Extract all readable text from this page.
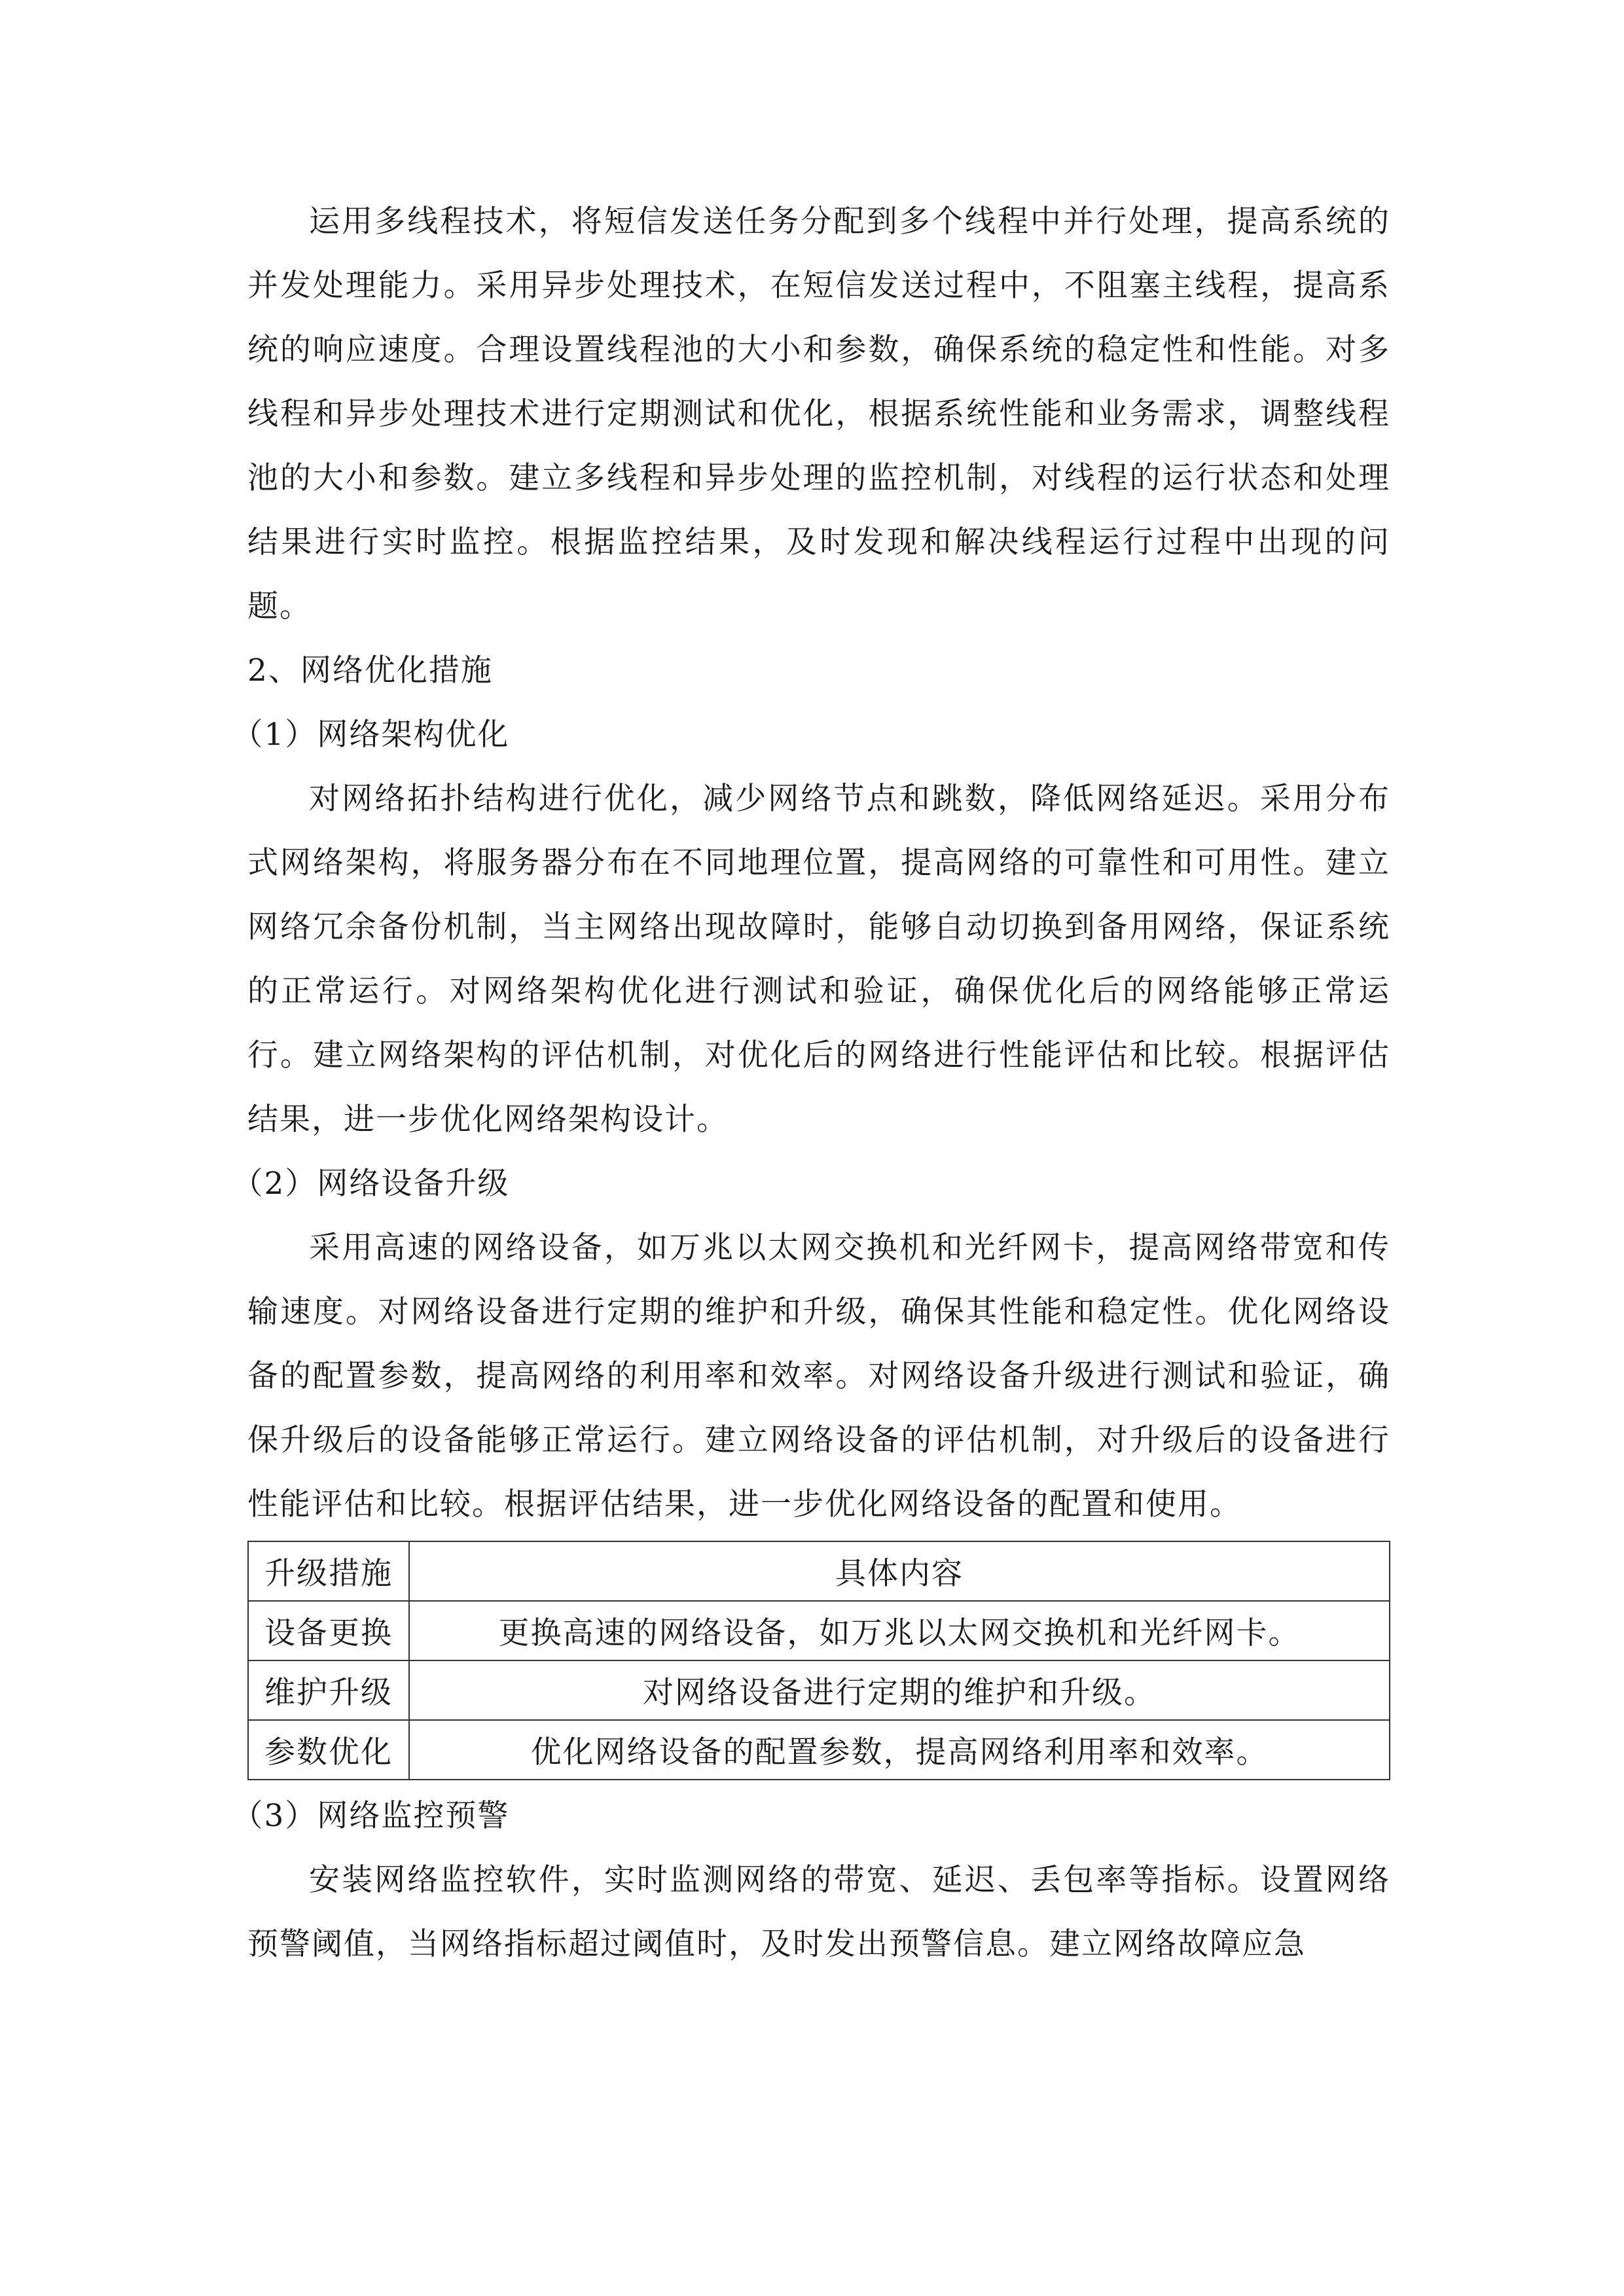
运用多线程技术，将短信发送任务分配到多个线程中并行处理，提高系统的并发处理能力。采用异步处理技术，在短信发送过程中，不阻塞主线程，提高系统的响应速度。合理设置线程池的大小和参数，确保系统的稳定性和性能。对多线程和异步处理技术进行定期测试和优化，根据系统性能和业务需求，调整线程池的大小和参数。建立多线程和异步处理的监控机制，对线程的运行状态和处理结果进行实时监控。根据监控结果，及时发现和解决线程运行过程中出现的问题。

2、网络优化措施

（1）网络架构优化

对网络拓扑结构进行优化，减少网络节点和跳数，降低网络延迟。采用分布式网络架构，将服务器分布在不同地理位置，提高网络的可靠性和可用性。建立网络冗余备份机制，当主网络出现故障时，能够自动切换到备用网络，保证系统的正常运行。对网络架构优化进行测试和验证，确保优化后的网络能够正常运行。建立网络架构的评估机制，对优化后的网络进行性能评估和比较。根据评估结果，进一步优化网络架构设计。

（2）网络设备升级

采用高速的网络设备，如万兆以太网交换机和光纤网卡，提高网络带宽和传输速度。对网络设备进行定期的维护和升级，确保其性能和稳定性。优化网络设备的配置参数，提高网络的利用率和效率。对网络设备升级进行测试和验证，确保升级后的设备能够正常运行。建立网络设备的评估机制，对升级后的设备进行性能评估和比较。根据评估结果，进一步优化网络设备的配置和使用。

升级措施	具体内容
设备更换	更换高速的网络设备，如万兆以太网交换机和光纤网卡。
维护升级	对网络设备进行定期的维护和升级。
参数优化	优化网络设备的配置参数，提高网络利用率和效率。

（3）网络监控预警

安装网络监控软件，实时监测网络的带宽、延迟、丢包率等指标。设置网络预警阈值，当网络指标超过阈值时，及时发出预警信息。建立网络故障应急
